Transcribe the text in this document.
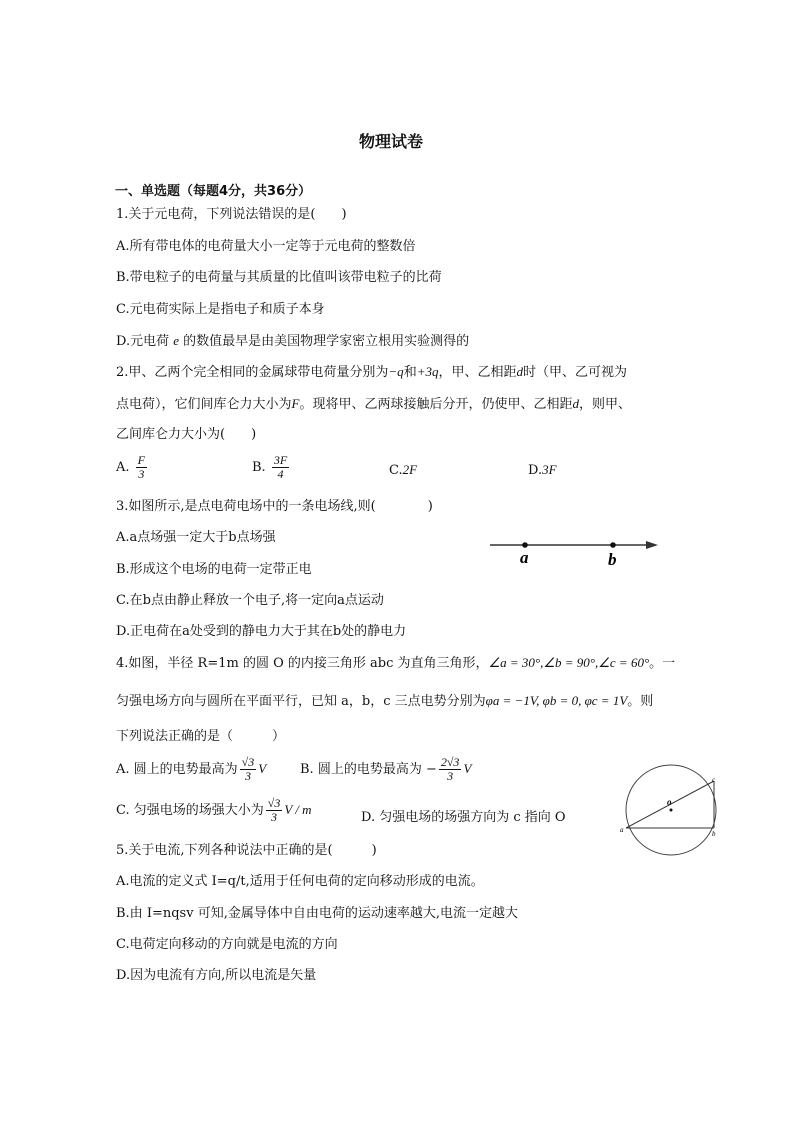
物理试卷
一、单选题（每题4分，共36分）
1.关于元电荷，下列说法错误的是(　　)
A.所有带电体的电荷量大小一定等于元电荷的整数倍
B.带电粒子的电荷量与其质量的比值叫该带电粒子的比荷
C.元电荷实际上是指电子和质子本身
D.元电荷 e 的数值最早是由美国物理学家密立根用实验测得的
2.甲、乙两个完全相同的金属球带电荷量分别为−q和+3q，甲、乙相距d时（甲、乙可视为
点电荷），它们间库仑力大小为F。现将甲、乙两球接触后分开，仍使甲、乙相距d，则甲、
乙间库仑力大小为(　　)
A. $\frac{F}{3}$	B. $\frac{3F}{4}$	C.2F	D.3F
3.如图所示,是点电荷电场中的一条电场线,则(　　　　)
A.a点场强一定大于b点场强
B.形成这个电场的电荷一定带正电
C.在b点由静止释放一个电子,将一定向a点运动
D.正电荷在a处受到的静电力大于其在b处的静电力
a	b
4.如图，半径 R=1m 的圆 O 的内接三角形 abc 为直角三角形，∠a = 30°,∠b = 90°,∠c = 60°。一
匀强电场方向与圆所在平面平行，已知 a，b，c 三点电势分别为φa = −1V, φb = 0, φc = 1V。则
下列说法正确的是（　　　）
A. 圆上的电势最高为 $\frac{√3}{3}$ V	B. 圆上的电势最高为 − $\frac{2√3}{3}$ V
C. 匀强电场的场强大小为 $\frac{√3}{3}$ V / m
D. 匀强电场的场强方向为 c 指向 O
o
a	b
c
5.关于电流,下列各种说法中正确的是(　　　)
A.电流的定义式 I=q/t,适用于任何电荷的定向移动形成的电流。
B.由 I=nqsv 可知,金属导体中自由电荷的运动速率越大,电流一定越大
C.电荷定向移动的方向就是电流的方向
D.因为电流有方向,所以电流是矢量
